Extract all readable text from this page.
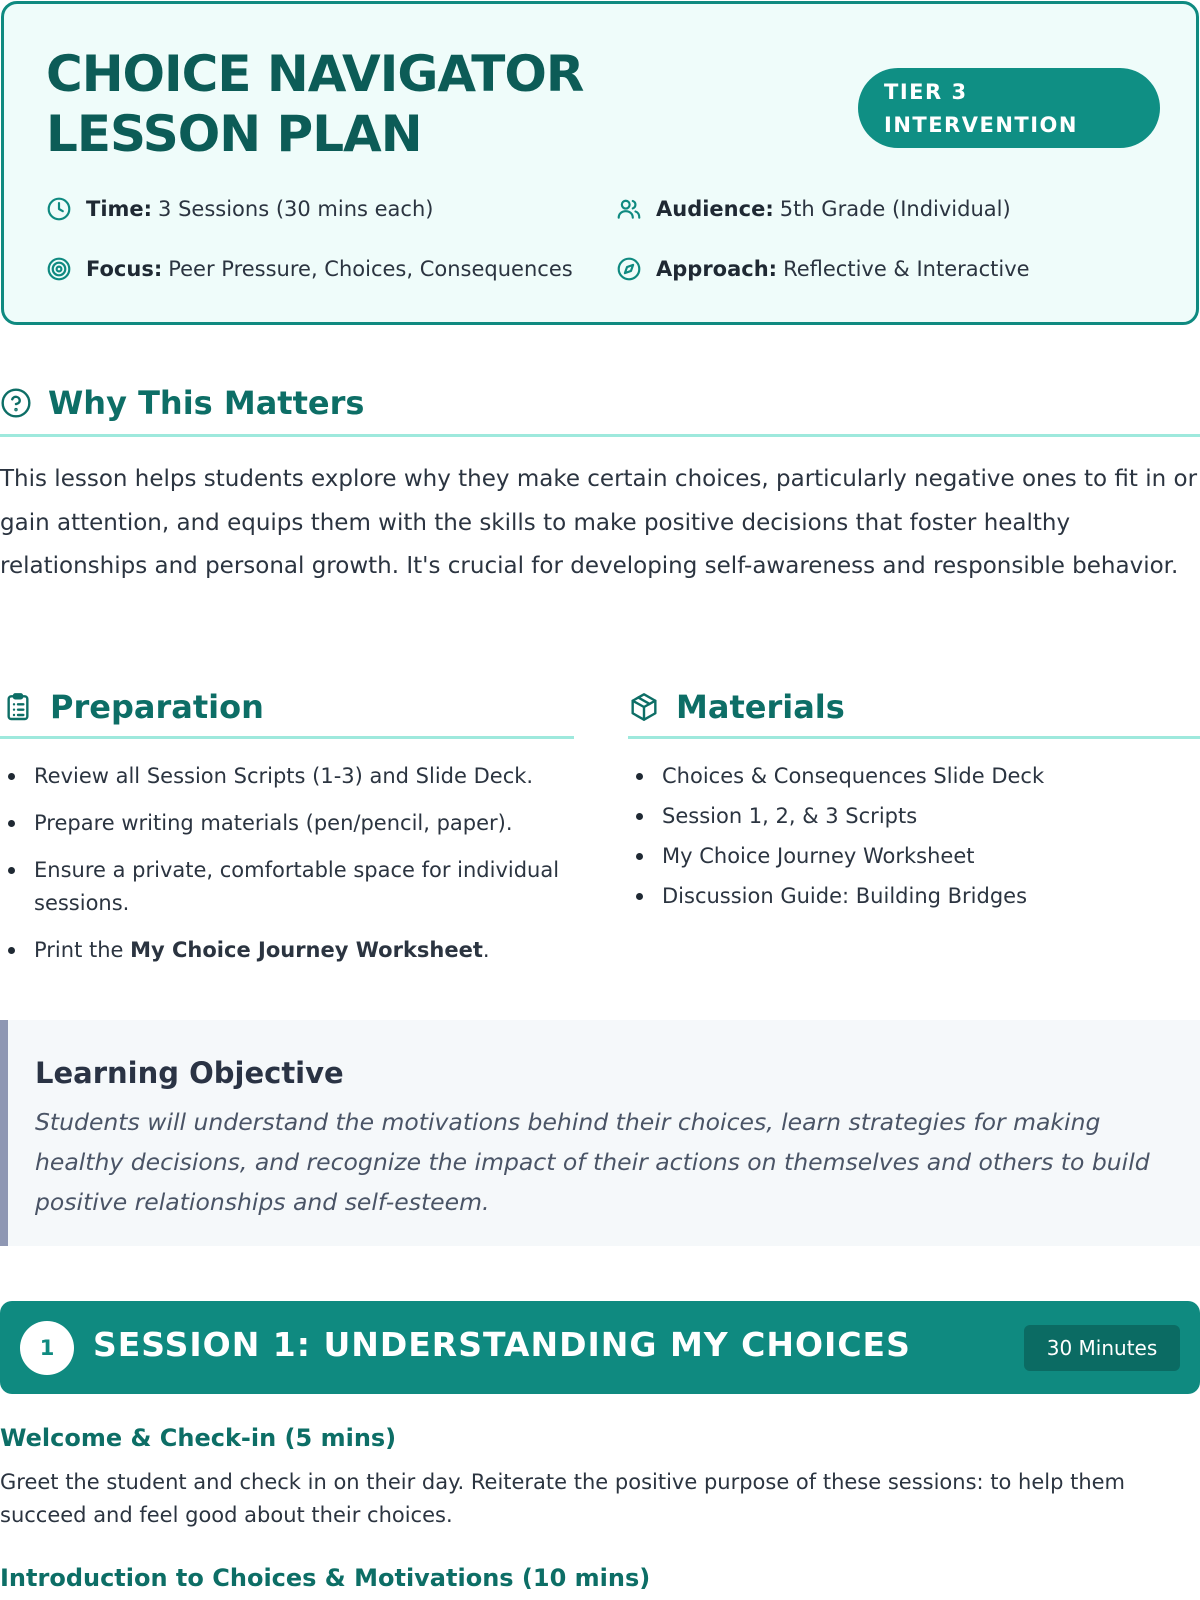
CHOICE NAVIGATOR LESSON PLAN
TIER 3 INTERVENTION
Time: 3 Sessions (30 mins each)	Audience: 5th Grade (Individual)
Focus: Peer Pressure, Choices, Consequences	Approach: Reflective & Interactive
Why This Matters

This lesson helps students explore why they make certain choices, particularly negative ones to fit in or gain attention, and equips them with the skills to make positive decisions that foster healthy relationships and personal growth. It's crucial for developing self-awareness and responsible behavior.

Preparation
Review all Session Scripts (1-3) and Slide Deck.
Prepare writing materials (pen/pencil, paper).
Ensure a private, comfortable space for individual sessions.
Print the My Choice Journey Worksheet.
Materials
Choices & Consequences Slide Deck
Session 1, 2, & 3 Scripts
My Choice Journey Worksheet
Discussion Guide: Building Bridges
Learning Objective

Students will understand the motivations behind their choices, learn strategies for making healthy decisions, and recognize the impact of their actions on themselves and others to build positive relationships and self-esteem.

1	SESSION 1: UNDERSTANDING MY CHOICES	30 Minutes
Welcome & Check-in (5 mins)

Greet the student and check in on their day. Reiterate the positive purpose of these sessions: to help them succeed and feel good about their choices.

Introduction to Choices & Motivations (10 mins)
